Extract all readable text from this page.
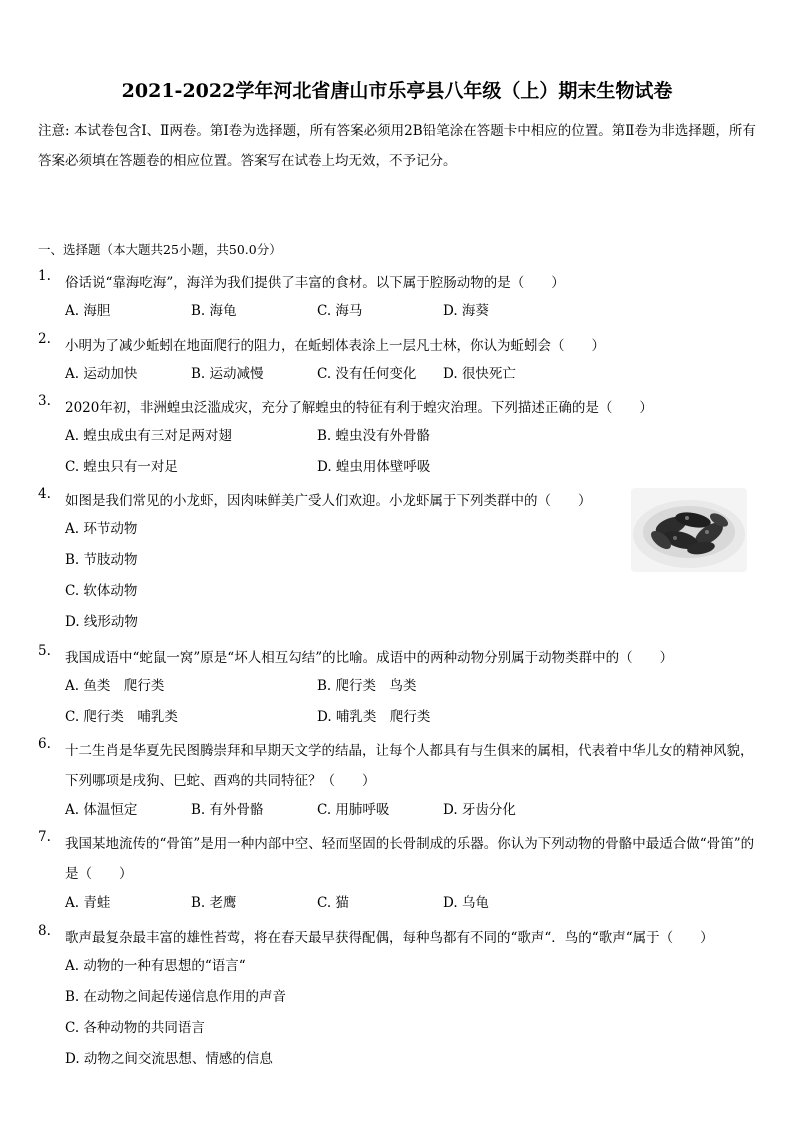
2021-2022学年河北省唐山市乐亭县八年级（上）期末生物试卷
注意: 本试卷包含Ⅰ、Ⅱ两卷。第Ⅰ卷为选择题，所有答案必须用2B铅笔涂在答题卡中相应的位置。第Ⅱ卷为非选择题，所有答案必须填在答题卷的相应位置。答案写在试卷上均无效，不予记分。
一、选择题（本大题共25小题，共50.0分）
1.	俗话说“靠海吃海”，海洋为我们提供了丰富的食材。以下属于腔肠动物的是（　　）
A. 海胆	B. 海龟	C. 海马	D. 海葵
2.	小明为了减少蚯蚓在地面爬行的阻力，在蚯蚓体表涂上一层凡士林，你认为蚯蚓会（　　）
A. 运动加快	B. 运动减慢	C. 没有任何变化 D. 很快死亡
3.	2020年初，非洲蝗虫泛滥成灾，充分了解蝗虫的特征有利于蝗灾治理。下列描述正确的是（　　）
A. 蝗虫成虫有三对足两对翅	B. 蝗虫没有外骨骼
C. 蝗虫只有一对足	D. 蝗虫用体壁呼吸
4.	如图是我们常见的小龙虾，因肉味鲜美广受人们欢迎。小龙虾属于下列类群中的（　　）
A. 环节动物
B. 节肢动物
C. 软体动物
D. 线形动物
5.	我国成语中“蛇鼠一窝”原是“坏人相互勾结”的比喻。成语中的两种动物分别属于动物类群中的（　　）
A. 鱼类　爬行类	B. 爬行类　鸟类
C. 爬行类　哺乳类	D. 哺乳类　爬行类
6.	十二生肖是华夏先民图腾崇拜和早期天文学的结晶，让每个人都具有与生俱来的属相，代表着中华儿女的精神风貌，下列哪项是戌狗、巳蛇、酉鸡的共同特征？（　　）
A. 体温恒定	B. 有外骨骼	C. 用肺呼吸	D. 牙齿分化
7.	我国某地流传的“骨笛”是用一种内部中空、轻而坚固的长骨制成的乐器。你认为下列动物的骨骼中最适合做“骨笛”的是（　　）
A. 青蛙	B. 老鹰	C. 猫	D. 乌龟
8.	歌声最复杂最丰富的雄性苔莺，将在春天最早获得配偶，每种鸟都有不同的“歌声“．鸟的“歌声“属于（　　）
A. 动物的一种有思想的“语言“
B. 在动物之间起传递信息作用的声音
C. 各种动物的共同语言
D. 动物之间交流思想、情感的信息
